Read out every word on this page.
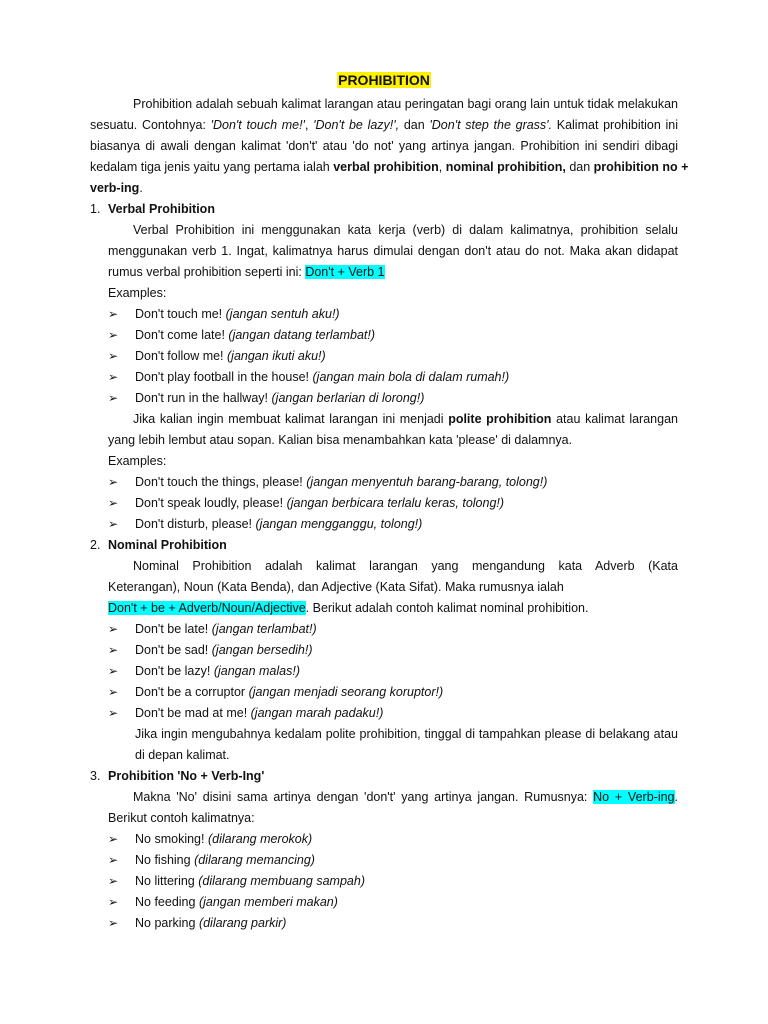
PROHIBITION
Prohibition adalah sebuah kalimat larangan atau peringatan bagi orang lain untuk tidak melakukan
sesuatu. Contohnya: 'Don't touch me!', 'Don't be lazy!', dan 'Don't step the grass'. Kalimat prohibition ini
biasanya di awali dengan kalimat 'don't' atau 'do not' yang artinya jangan. Prohibition ini sendiri dibagi
kedalam tiga jenis yaitu yang pertama ialah verbal prohibition, nominal prohibition, dan prohibition no +
verb-ing.
1. Verbal Prohibition
Verbal Prohibition ini menggunakan kata kerja (verb) di dalam kalimatnya, prohibition selalu
menggunakan verb 1. Ingat, kalimatnya harus dimulai dengan don't atau do not. Maka akan didapat
rumus verbal prohibition seperti ini: Don't + Verb 1
Examples:
➢ Don't touch me! (jangan sentuh aku!)
➢ Don't come late! (jangan datang terlambat!)
➢ Don't follow me! (jangan ikuti aku!)
➢ Don't play football in the house! (jangan main bola di dalam rumah!)
➢ Don't run in the hallway! (jangan berlarian di lorong!)
Jika kalian ingin membuat kalimat larangan ini menjadi polite prohibition atau kalimat larangan
yang lebih lembut atau sopan. Kalian bisa menambahkan kata 'please' di dalamnya.
Examples:
➢ Don't touch the things, please! (jangan menyentuh barang-barang, tolong!)
➢ Don't speak loudly, please! (jangan berbicara terlalu keras, tolong!)
➢ Don't disturb, please! (jangan mengganggu, tolong!)
2. Nominal Prohibition
Nominal Prohibition adalah kalimat larangan yang mengandung kata Adverb (Kata
Keterangan), Noun (Kata Benda), dan Adjective (Kata Sifat). Maka rumusnya ialah
Don't + be + Adverb/Noun/Adjective. Berikut adalah contoh kalimat nominal prohibition.
➢ Don't be late! (jangan terlambat!)
➢ Don't be sad! (jangan bersedih!)
➢ Don't be lazy! (jangan malas!)
➢ Don't be a corruptor (jangan menjadi seorang koruptor!)
➢ Don't be mad at me! (jangan marah padaku!)
Jika ingin mengubahnya kedalam polite prohibition, tinggal di tampahkan please di belakang atau
di depan kalimat.
3. Prohibition 'No + Verb-Ing'
Makna 'No' disini sama artinya dengan 'don't' yang artinya jangan. Rumusnya: No + Verb-ing.
Berikut contoh kalimatnya:
➢ No smoking! (dilarang merokok)
➢ No fishing (dilarang memancing)
➢ No littering (dilarang membuang sampah)
➢ No feeding (jangan memberi makan)
➢ No parking (dilarang parkir)
